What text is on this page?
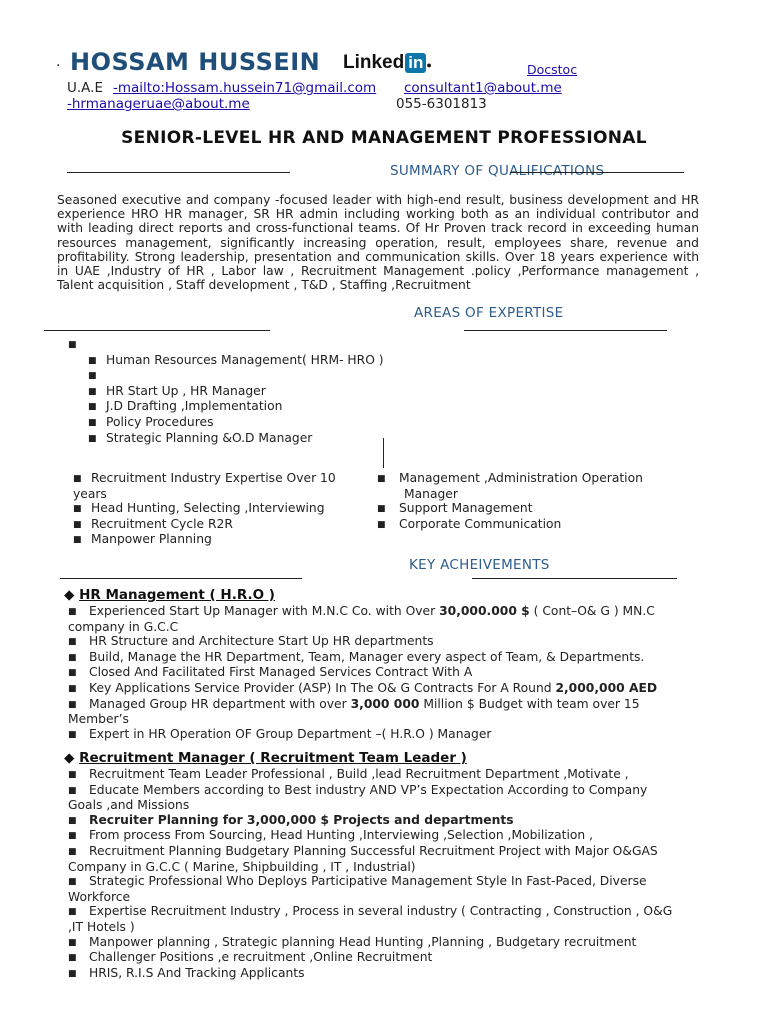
· HOSSAM HUSSEIN Linked in ●	Docstoc
U.A.E -mailto:Hossam.hussein71@gmail.com consultant1@about.me
-hrmanageruae@about.me	055-6301813
SENIOR-LEVEL HR AND MANAGEMENT PROFESSIONAL
SUMMARY OF QUALIFICATIONS
Seasoned executive and company -focused leader with high-end result, business development and HR experience HRO HR manager, SR HR admin including working both as an individual contributor and with leading direct reports and cross-functional teams. Of Hr Proven track record in exceeding human resources management, significantly increasing operation, result, employees share, revenue and profitability. Strong leadership, presentation and communication skills. Over 18 years experience with in UAE ,Industry of HR , Labor law , Recruitment Management .policy ,Performance management , Talent acquisition , Staff development , T&D , Staffing ,Recruitment
AREAS OF EXPERTISE
■
■ Human Resources Management( HRM- HRO )
■
■ HR Start Up , HR Manager
■ J.D Drafting ,Implementation
■ Policy Procedures
■ Strategic Planning &O.D Manager
■ Recruitment Industry Expertise Over 10
years
■ Head Hunting, Selecting ,Interviewing
■ Recruitment Cycle R2R
■ Manpower Planning
■ Management ,Administration Operation
Manager
■ Support Management
■ Corporate Communication
KEY ACHEIVEMENTS
◆ HR Management ( H.R.O )
■ Experienced Start Up Manager with M.N.C Co. with Over 30,000.000 $ ( Cont–O& G ) MN.C
company in G.C.C
■ HR Structure and Architecture Start Up HR departments
■ Build, Manage the HR Department, Team, Manager every aspect of Team, & Departments.
■ Closed And Facilitated First Managed Services Contract With A
■ Key Applications Service Provider (ASP) In The O& G Contracts For A Round 2,000,000 AED
■ Managed Group HR department with over 3,000 000 Million $ Budget with team over 15
Member’s
■ Expert in HR Operation OF Group Department –( H.R.O ) Manager
◆ Recruitment Manager ( Recruitment Team Leader )
■ Recruitment Team Leader Professional , Build ,lead Recruitment Department ,Motivate ,
■ Educate Members according to Best industry AND VP’s Expectation According to Company
Goals ,and Missions
■ Recruiter Planning for 3,000,000 $ Projects and departments
■ From process From Sourcing, Head Hunting ,Interviewing ,Selection ,Mobilization ,
■ Recruitment Planning Budgetary Planning Successful Recruitment Project with Major O&GAS
Company in G.C.C ( Marine, Shipbuilding , IT , Industrial)
■ Strategic Professional Who Deploys Participative Management Style In Fast-Paced, Diverse
Workforce
■ Expertise Recruitment Industry , Process in several industry ( Contracting , Construction , O&G
,IT Hotels )
■ Manpower planning , Strategic planning Head Hunting ,Planning , Budgetary recruitment
■ Challenger Positions ,e recruitment ,Online Recruitment
■ HRIS, R.I.S And Tracking Applicants
